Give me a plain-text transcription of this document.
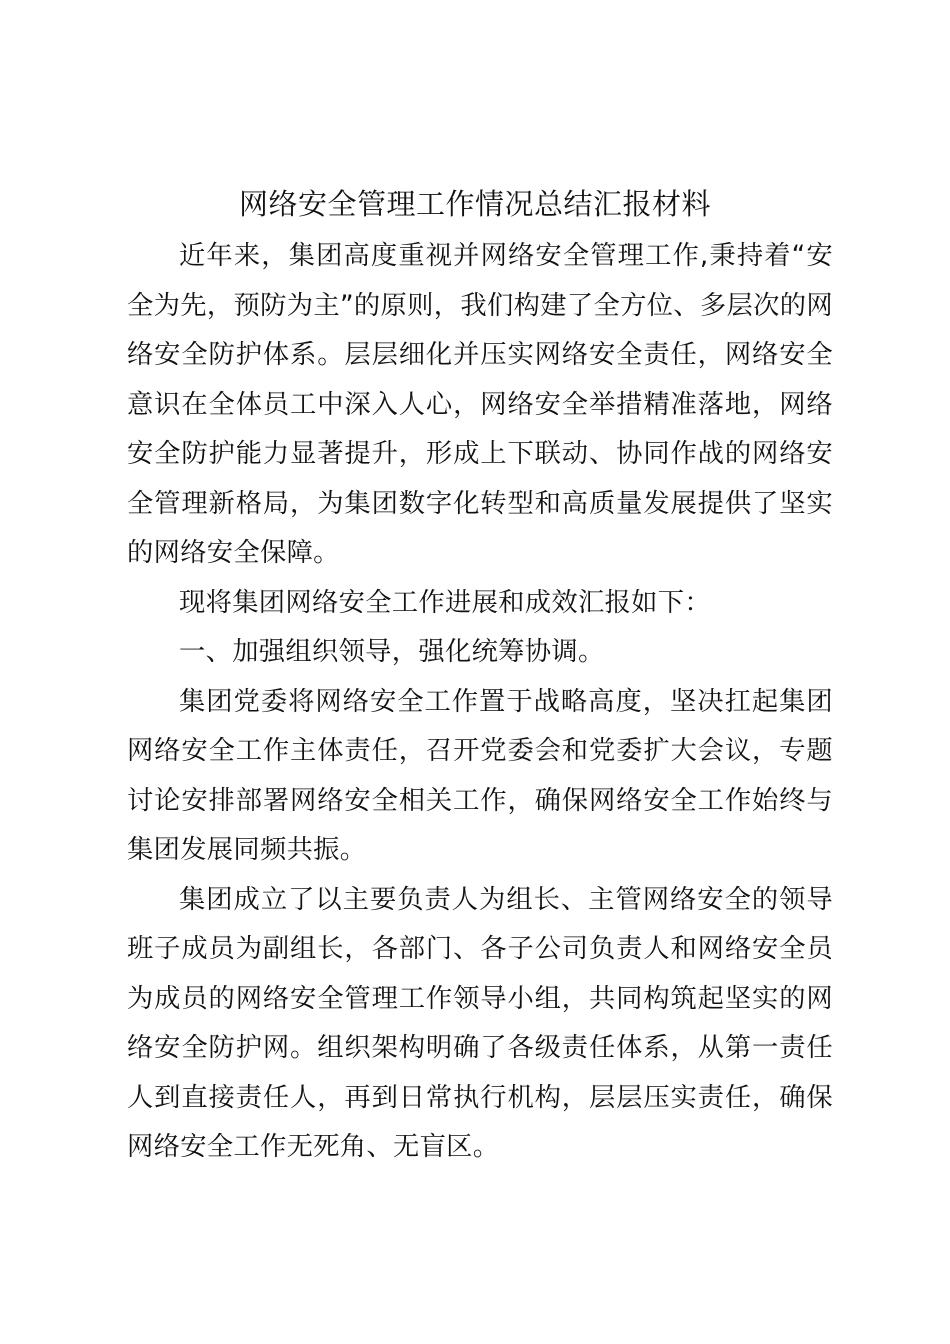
网络安全管理工作情况总结汇报材料

近年来，集团高度重视并网络安全管理工作,秉持着“安全为先，预防为主”的原则，我们构建了全方位、多层次的网络安全防护体系。层层细化并压实网络安全责任，网络安全意识在全体员工中深入人心，网络安全举措精准落地，网络安全防护能力显著提升，形成上下联动、协同作战的网络安全管理新格局，为集团数字化转型和高质量发展提供了坚实的网络安全保障。

现将集团网络安全工作进展和成效汇报如下：

一、加强组织领导，强化统筹协调。

集团党委将网络安全工作置于战略高度，坚决扛起集团网络安全工作主体责任，召开党委会和党委扩大会议，专题讨论安排部署网络安全相关工作，确保网络安全工作始终与集团发展同频共振。

集团成立了以主要负责人为组长、主管网络安全的领导班子成员为副组长，各部门、各子公司负责人和网络安全员为成员的网络安全管理工作领导小组，共同构筑起坚实的网络安全防护网。组织架构明确了各级责任体系，从第一责任人到直接责任人，再到日常执行机构，层层压实责任，确保网络安全工作无死角、无盲区。
